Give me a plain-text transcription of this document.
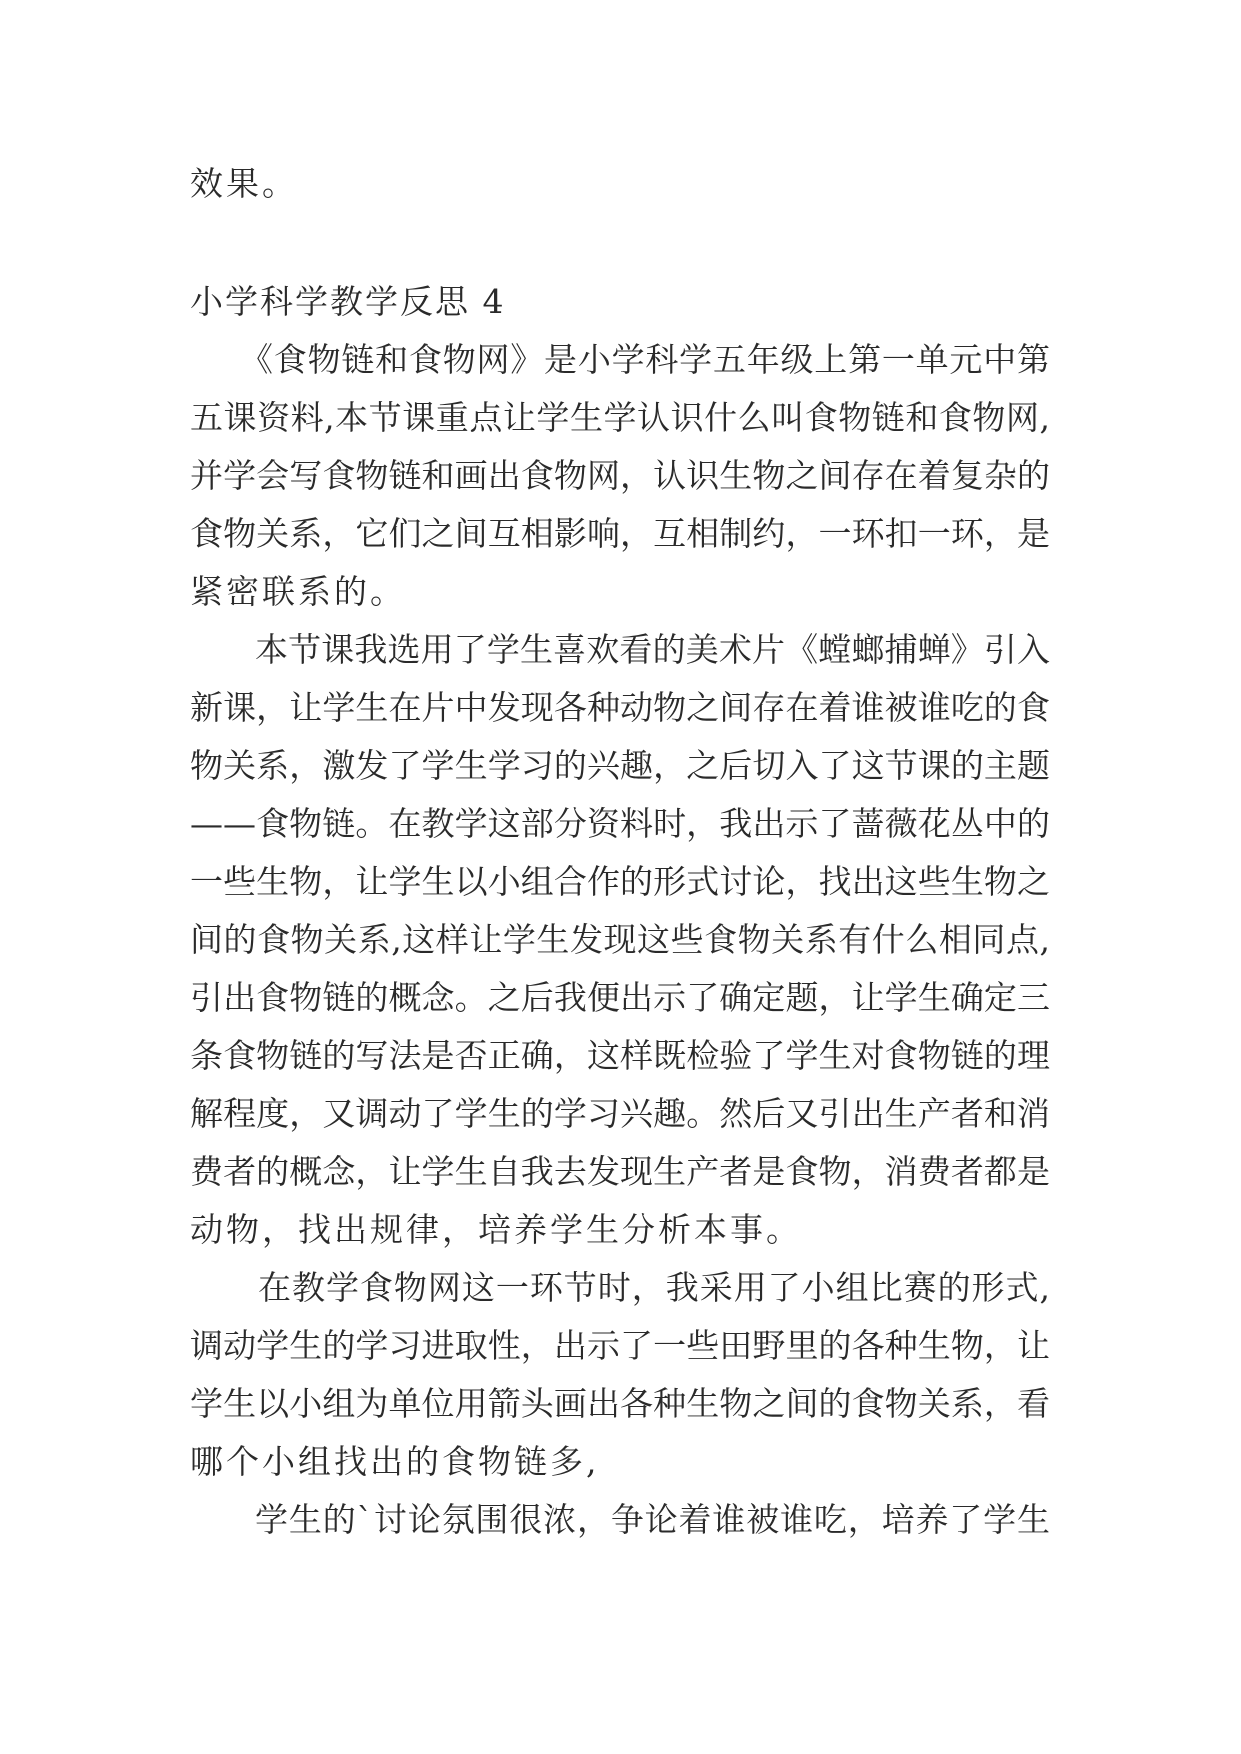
效果。
小学科学教学反思 4
《食物链和食物网》是小学科学五年级上第一单元中第
五课资料,本节课重点让学生学认识什么叫食物链和食物网,
并学会写食物链和画出食物网，认识生物之间存在着复杂的
食物关系，它们之间互相影响，互相制约，一环扣一环，是
紧密联系的。
本节课我选用了学生喜欢看的美术片《螳螂捕蝉》引入
新课，让学生在片中发现各种动物之间存在着谁被谁吃的食
物关系，激发了学生学习的兴趣，之后切入了这节课的主题
——食物链。在教学这部分资料时，我出示了蔷薇花丛中的
一些生物，让学生以小组合作的形式讨论，找出这些生物之
间的食物关系,这样让学生发现这些食物关系有什么相同点,
引出食物链的概念。之后我便出示了确定题，让学生确定三
条食物链的写法是否正确，这样既检验了学生对食物链的理
解程度，又调动了学生的学习兴趣。然后又引出生产者和消
费者的概念，让学生自我去发现生产者是食物，消费者都是
动物，找出规律，培养学生分析本事。
在教学食物网这一环节时，我采用了小组比赛的形式,
调动学生的学习进取性，出示了一些田野里的各种生物，让
学生以小组为单位用箭头画出各种生物之间的食物关系，看
哪个小组找出的食物链多,
学生的`讨论氛围很浓，争论着谁被谁吃，培养了学生
